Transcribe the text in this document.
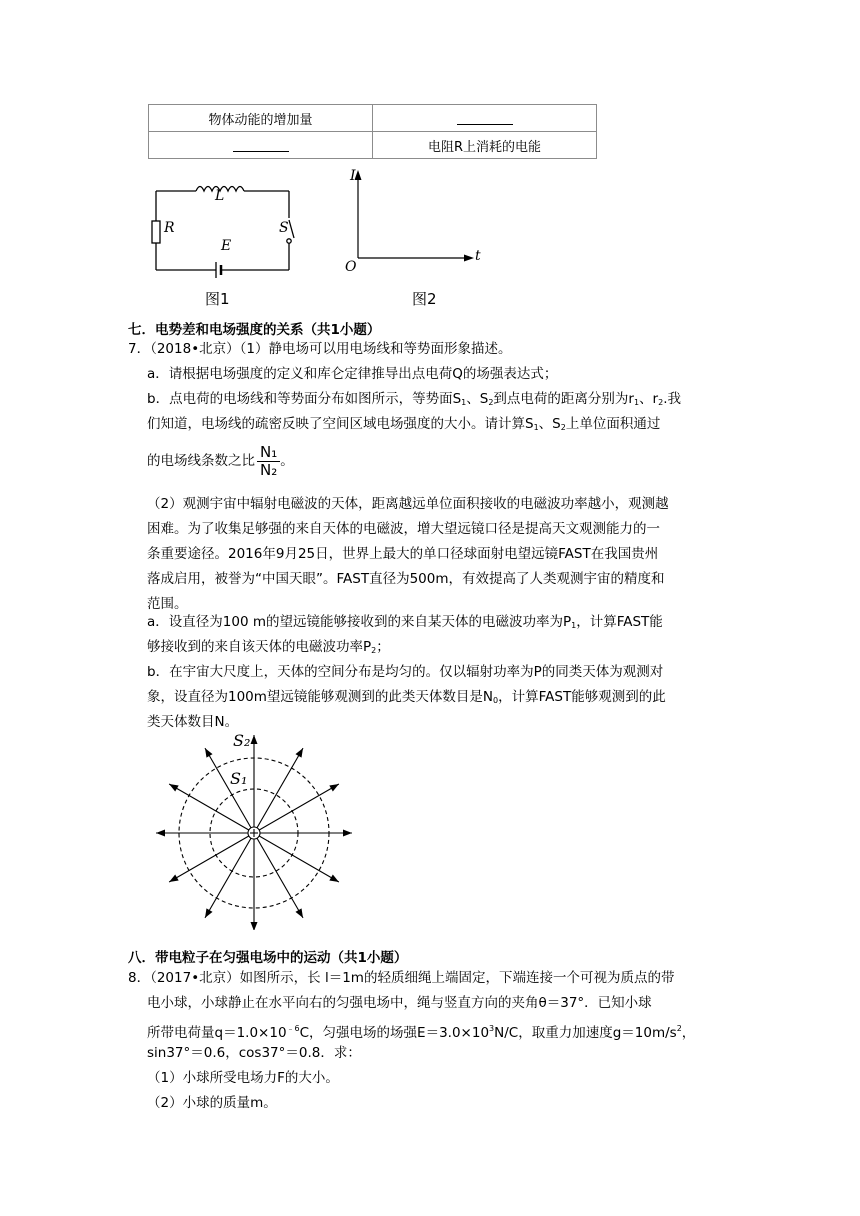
物体动能的增加量	
	电阻R上消耗的电能
L
R
E
S
图1
I
O
t
图2
七．电势差和电场强度的关系（共1小题）

7．（2018•北京）（1）静电场可以用电场线和等势面形象描述。

a．请根据电场强度的定义和库仑定律推导出点电荷Q的场强表达式；

b．点电荷的电场线和等势面分布如图所示，等势面$S_1$、$S_2$到点电荷的距离分别为$r_1$、$r_2$.我

们知道，电场线的疏密反映了空间区域电场强度的大小。请计算$S_1$、$S_2$上单位面积通过

的电场线条数之比 $\frac{\text{N₁}}{\text{N₂}}$ 。

（2）观测宇宙中辐射电磁波的天体，距离越远单位面积接收的电磁波功率越小，观测越

困难。为了收集足够强的来自天体的电磁波，增大望远镜口径是提高天文观测能力的一

条重要途径。2016年9月25日，世界上最大的单口径球面射电望远镜FAST在我国贵州

落成启用，被誉为“中国天眼”。FAST直径为500m，有效提高了人类观测宇宙的精度和

范围。

a．设直径为100 m的望远镜能够接收到的来自某天体的电磁波功率为$P_1$，计算FAST能

够接收到的来自该天体的电磁波功率$P_2$；

b．在宇宙大尺度上，天体的空间分布是均匀的。仅以辐射功率为P的同类天体为观测对

象，设直径为100m望远镜能够观测到的此类天体数目是$N_0$，计算FAST能够观测到的此

类天体数目N。

S₂
S₁
八．带电粒子在匀强电场中的运动（共1小题）

8．（2017•北京）如图所示，长 l＝1m的轻质细绳上端固定，下端连接一个可视为质点的带

电小球，小球静止在水平向右的匀强电场中，绳与竖直方向的夹角θ＝37°．已知小球

所带电荷量$q=1.0\times 10^{﹣6}C$，匀强电场的场强$E=3.0\times 10^3N/C$，取重力加速度$g=10m/s^2$，

sin37°＝0.6，cos37°＝0.8．求：

（1）小球所受电场力F的大小。

（2）小球的质量m。
